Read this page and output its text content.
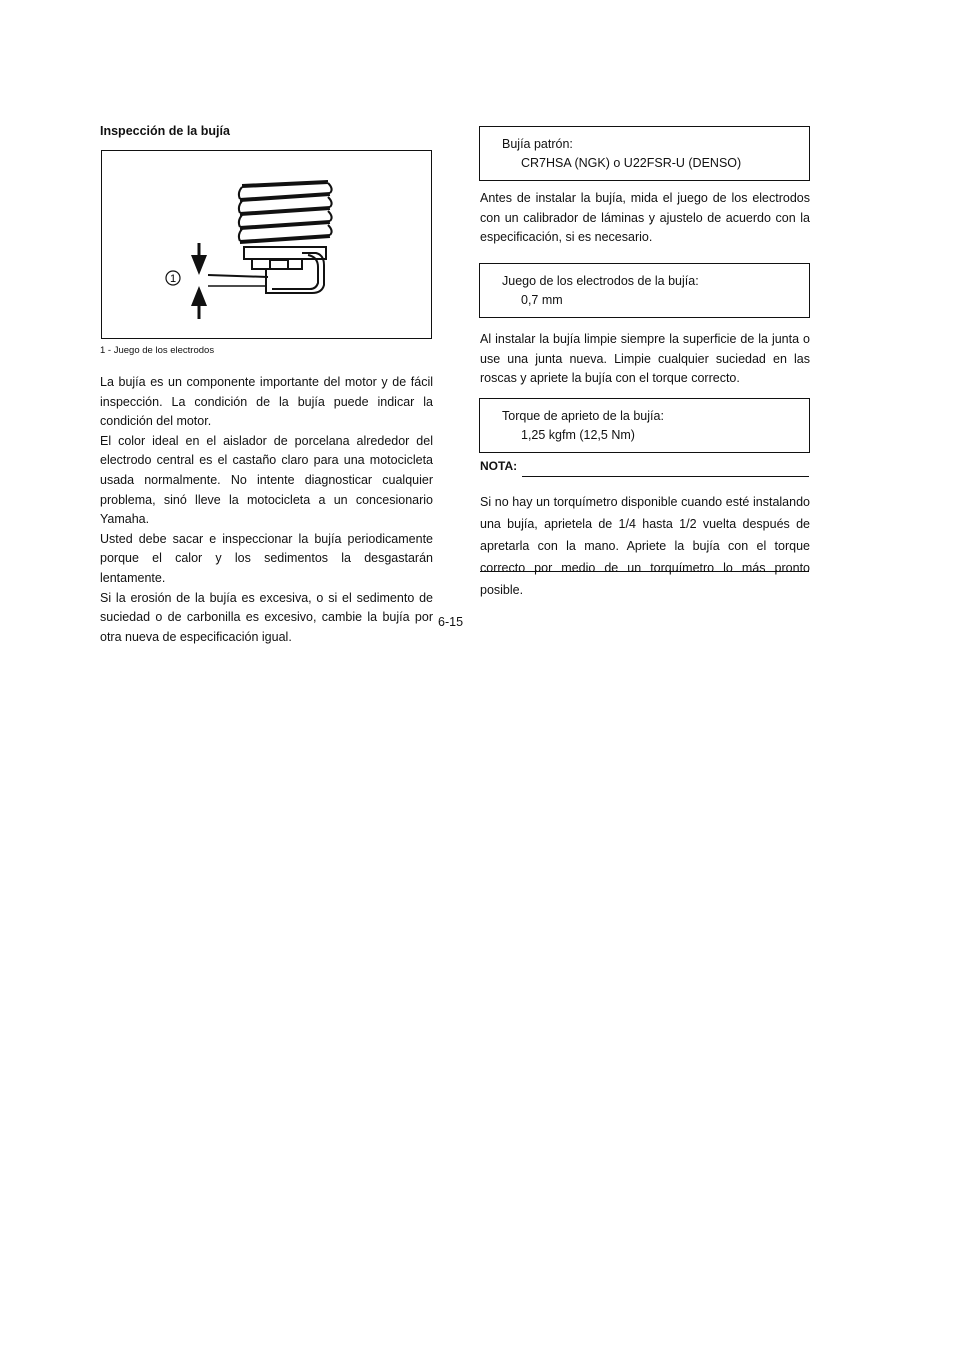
Inspección de la bujía
1
1 - Juego de los electrodos

La bujía es un componente importante del motor y de fácil inspección. La condición de la bujía puede indicar la condición del motor.

El color ideal en el aislador de porcelana alrededor del electrodo central es el castaño claro para una motocicleta usada normalmente. No intente diagnosticar cualquier problema, sinó lleve la motocicleta a un concesionario Yamaha.

Usted debe sacar e inspeccionar la bujía periodicamente porque el calor y los sedimentos la desgastarán lentamente.

Si la erosión de la bujía es excesiva, o si el sedimento de suciedad o de carbonilla es excesivo, cambie la bujía por otra nueva de especificación igual.

Bujía patrón:
CR7HSA (NGK) o U22FSR-U (DENSO)
Antes de instalar la bujía, mida el juego de los electrodos con un calibrador de láminas y ajustelo de acuerdo con la especificación, si es necesario.
Juego de los electrodos de la bujía:
0,7 mm
Al instalar la bujía limpie siempre la superficie de la junta o use una junta nueva. Limpie cualquier suciedad en las roscas y apriete la bujía con el torque correcto.
Torque de aprieto de la bujía:
1,25 kgfm (12,5 Nm)
NOTA:
Si no hay un torquímetro disponible cuando esté instalando una bujía, aprietela de 1/4 hasta 1/2 vuelta después de apretarla con la mano. Apriete la bujía con el torque correcto por medio de un torquímetro lo más pronto posible.
6-15
